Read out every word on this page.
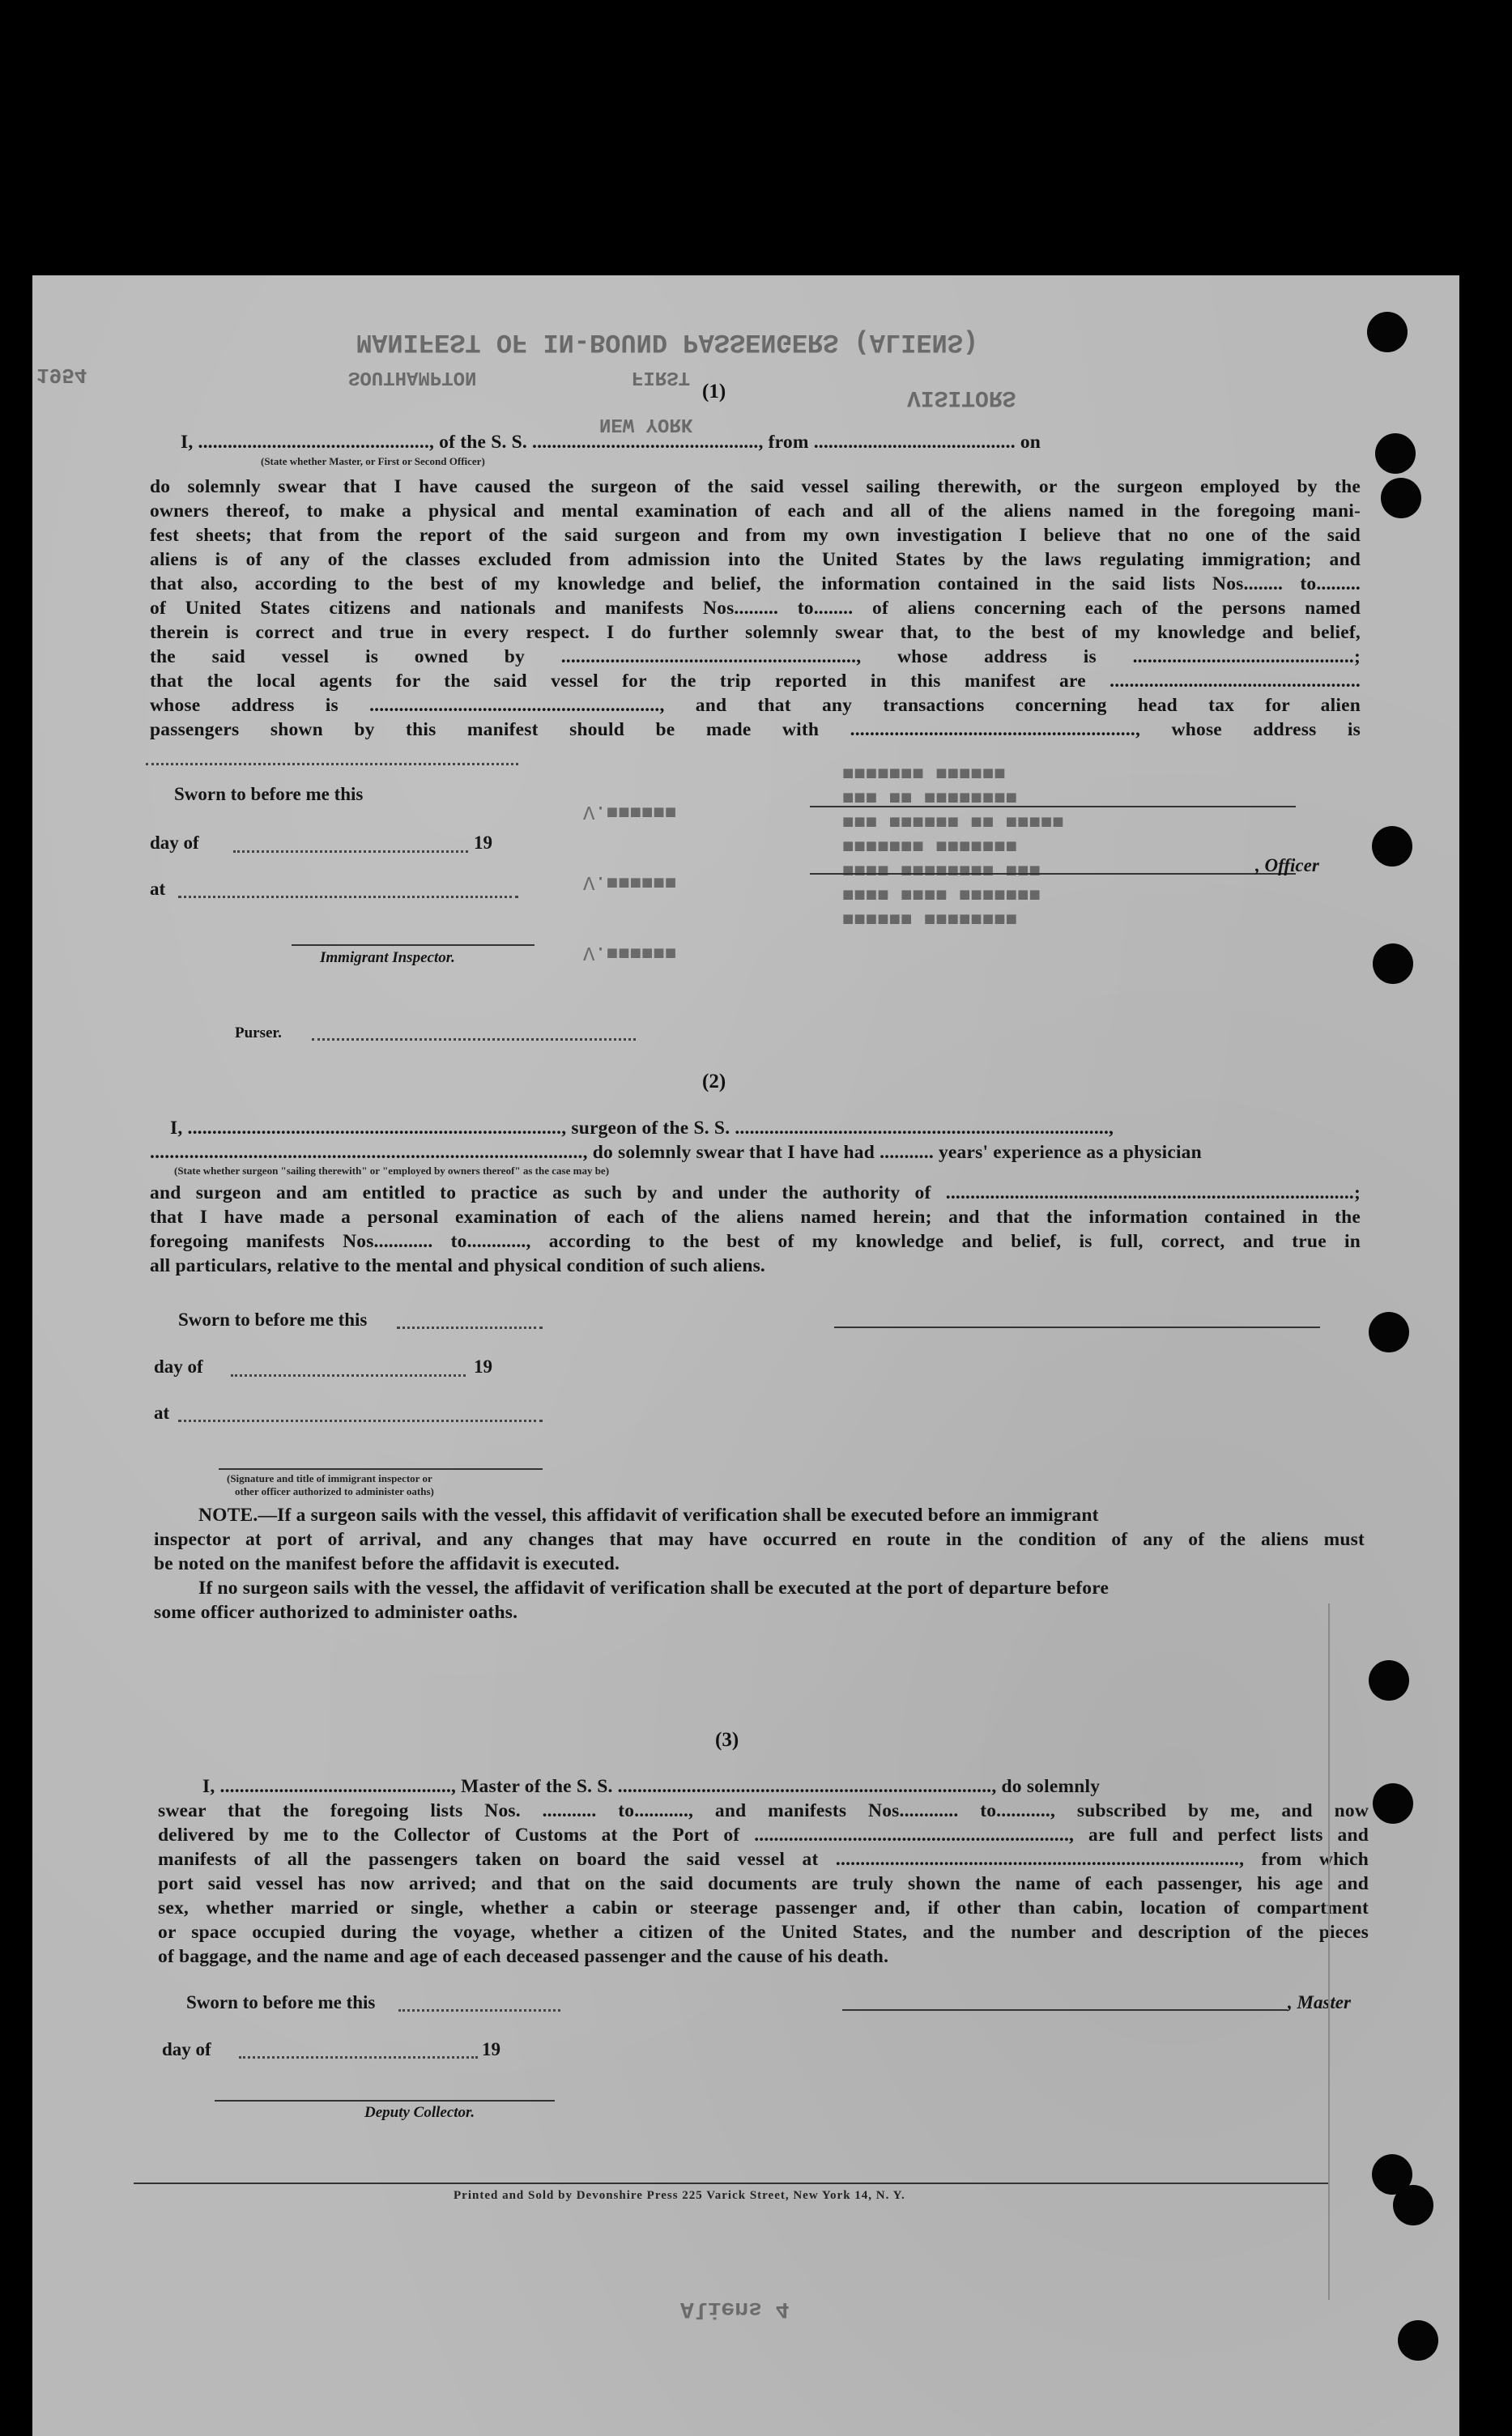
MANIFEST OF IN-BOUND PASSENGERS (ALIENS)
VISITORS
SOUTHAMPTON	FIRST
NEW YORK
1954
Aliens 4
■■■■■■ ■■■■■■■■
■■■■ ■■■■ ■■■■■■■
■■■■ ■■■■■■■■ ■■■
■■■■■■■ ■■■■■■■
■■■ ■■■■■■ ■■ ■■■■■
■■■ ■■ ■■■■■■■■
■■■■■■■ ■■■■■■
V.■■■■■■
V.■■■■■■
V.■■■■■■
(1)
I, ..............................................., of the S. S. .............................................., from ......................................... on
(State whether Master, or First or Second Officer)
do solemnly swear that I have caused the surgeon of the said vessel sailing therewith, or the surgeon employed by the
owners thereof, to make a physical and mental examination of each and all of the aliens named in the foregoing mani-
fest sheets; that from the report of the said surgeon and from my own investigation I believe that no one of the said
aliens is of any of the classes excluded from admission into the United States by the laws regulating immigration; and
that also, according to the best of my knowledge and belief, the information contained in the said lists Nos........ to.........
of United States citizens and nationals and manifests Nos......... to........ of aliens concerning each of the persons named
therein is correct and true in every respect. I do further solemnly swear that, to the best of my knowledge and belief,
the said vessel is owned by ............................................................, whose address is .............................................;
that the local agents for the said vessel for the trip reported in this manifest are ...................................................
whose address is ..........................................................., and that any transactions concerning head tax for alien
passengers shown by this manifest should be made with .........................................................., whose address is
Sworn to before me this
day of	19
at
Immigrant Inspector.
, Officer
Purser.
(2)
I, ............................................................................, surgeon of the S. S. ............................................................................,
........................................................................................, do solemnly swear that I have had ........... years' experience as a physician
(State whether surgeon "sailing therewith" or "employed by owners thereof" as the case may be)
and surgeon and am entitled to practice as such by and under the authority of ...................................................................................;
that I have made a personal examination of each of the aliens named herein; and that the information contained in the
foregoing manifests Nos............ to............, according to the best of my knowledge and belief, is full, correct, and true in
all particulars, relative to the mental and physical condition of such aliens.
Sworn to before me this
day of	19
at
(Signature and title of immigrant inspector or
other officer authorized to administer oaths)
NOTE.—If a surgeon sails with the vessel, this affidavit of verification shall be executed before an immigrant
inspector at port of arrival, and any changes that may have occurred en route in the condition of any of the aliens must
be noted on the manifest before the affidavit is executed.
If no surgeon sails with the vessel, the affidavit of verification shall be executed at the port of departure before
some officer authorized to administer oaths.
(3)
I, ..............................................., Master of the S. S. ............................................................................, do solemnly
swear that the foregoing lists Nos. ........... to..........., and manifests Nos............ to..........., subscribed by me, and now
delivered by me to the Collector of Customs at the Port of ................................................................, are full and perfect lists and
manifests of all the passengers taken on board the said vessel at .................................................................................., from which
port said vessel has now arrived; and that on the said documents are truly shown the name of each passenger, his age and
sex, whether married or single, whether a cabin or steerage passenger and, if other than cabin, location of compartment
or space occupied during the voyage, whether a citizen of the United States, and the number and description of the pieces
of baggage, and the name and age of each deceased passenger and the cause of his death.
Sworn to before me this	, Master
day of	19
Deputy Collector.
Printed and Sold by Devonshire Press 225 Varick Street, New York 14, N. Y.
